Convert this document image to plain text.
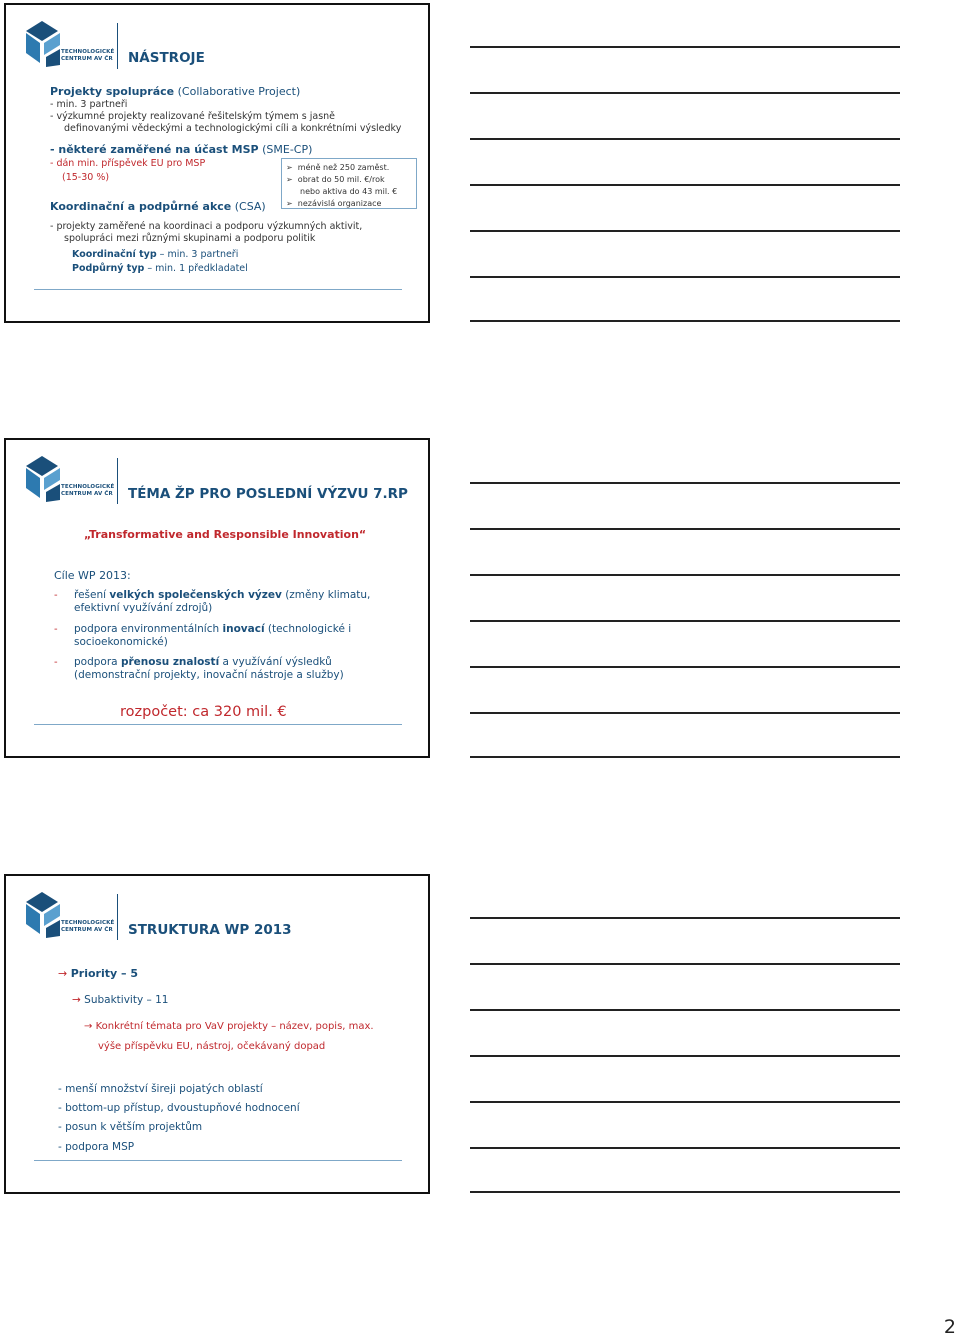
TECHNOLOGICKÉ
CENTRUM AV ČR NÁSTROJE
Projekty spolupráce (Collaborative Project)
- min. 3 partneři
- výzkumné projekty realizované řešitelským týmem s jasně
definovanými vědeckými a technologickými cíli a konkrétními výsledky
- některé zaměřené na účast MSP (SME-CP)
- dán min. příspěvek EU pro MSP
(15-30 %)
➢ méně než 250 zaměst.
➢ obrat do 50 mil. €/rok
nebo aktiva do 43 mil. €
➢ nezávislá organizace
Koordinační a podpůrné akce (CSA)
- projekty zaměřené na koordinaci a podporu výzkumných aktivit,
spolupráci mezi různými skupinami a podporu politik
Koordinační typ – min. 3 partneři
Podpůrný typ – min. 1 předkladatel
TECHNOLOGICKÉ
CENTRUM AV ČR TÉMA ŽP PRO POSLEDNÍ VÝZVU 7.RP
„Transformative and Responsible Innovation“
Cíle WP 2013:
- řešení velkých společenských výzev (změny klimatu,
efektivní využívání zdrojů)
- podpora environmentálních inovací (technologické i
socioekonomické)
- podpora přenosu znalostí a využívání výsledků
(demonstrační projekty, inovační nástroje a služby)
rozpočet: ca 320 mil. €
TECHNOLOGICKÉ
CENTRUM AV ČR STRUKTURA WP 2013
→ Priority – 5
→ Subaktivity – 11
→ Konkrétní témata pro VaV projekty – název, popis, max.
výše příspěvku EU, nástroj, očekávaný dopad
- menší množství šireji pojatých oblastí
- bottom-up přístup, dvoustupňové hodnocení
- posun k větším projektům
- podpora MSP
2
